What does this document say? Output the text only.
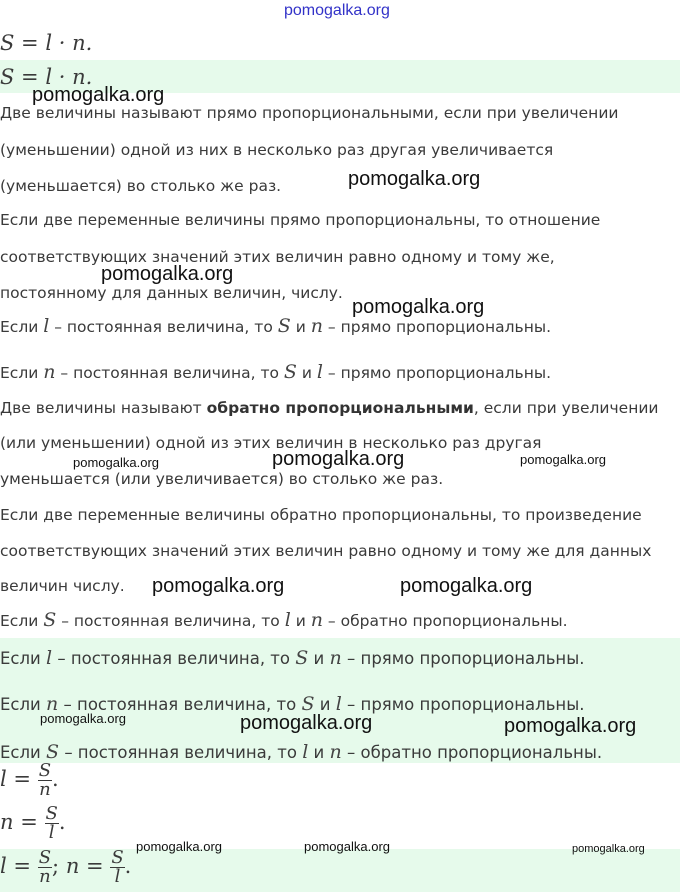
pomogalka.org
S = l · n.
S = l · n.
Две величины называют прямо пропорциональными, если при увеличении
(уменьшении) одной из них в несколько раз другая увеличивается
(уменьшается) во столько же раз.
Если две переменные величины прямо пропорциональны, то отношение
соответствующих значений этих величин равно одному и тому же,
постоянному для данных величин, числу.
Если l – постоянная величина, то S и n – прямо пропорциональны.
Если n – постоянная величина, то S и l – прямо пропорциональны.
Две величины называют обратно пропорциональными, если при увеличении
(или уменьшении) одной из этих величин в несколько раз другая
уменьшается (или увеличивается) во столько же раз.
Если две переменные величины обратно пропорциональны, то произведение
соответствующих значений этих величин равно одному и тому же для данных
величин числу.
Если S – постоянная величина, то l и n – обратно пропорциональны.
Если l – постоянная величина, то S и n – прямо пропорциональны.
Если n – постоянная величина, то S и l – прямо пропорциональны.
Если S – постоянная величина, то l и n – обратно пропорциональны.
$l = \frac{S}{n}$ .
$n = \frac{S}{l}$ .
$l = \frac{S}{n}$ ; $n = \frac{S}{l}$ .
pomogalka.org
pomogalka.org
pomogalka.org
pomogalka.org
pomogalka.org	pomogalka.org	pomogalka.org
pomogalka.org	pomogalka.org
pomogalka.org	pomogalka.org	pomogalka.org
pomogalka.org	pomogalka.org	pomogalka.org
